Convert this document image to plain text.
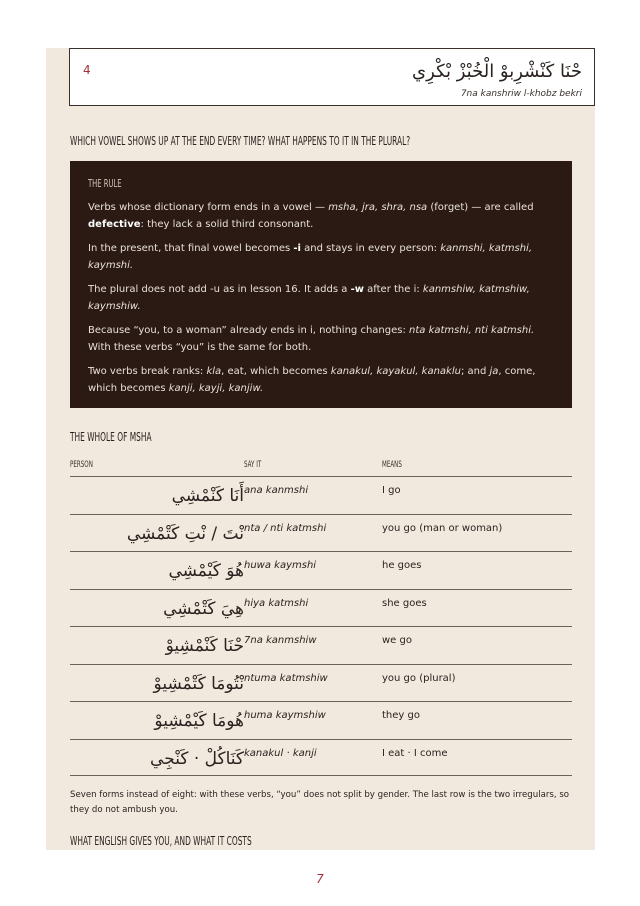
4	حْنَا كَنْشْرِبوْ الْخُبْزْ بْكْرِي
7na kanshriw l-khobz bekri
WHICH VOWEL SHOWS UP AT THE END EVERY TIME? WHAT HAPPENS TO IT IN THE PLURAL?
THE RULE

Verbs whose dictionary form ends in a vowel — msha, jra, shra, nsa (forget) — are called defective: they lack a solid third consonant.

In the present, that final vowel becomes -i and stays in every person: kanmshi, katmshi, kaymshi.

The plural does not add -u as in lesson 16. It adds a -w after the i: kanmshiw, katmshiw, kaymshiw.

Because “you, to a woman” already ends in i, nothing changes: nta katmshi, nti katmshi. With these verbs “you” is the same for both.

Two verbs break ranks: kla, eat, which becomes kanakul, kayakul, kanaklu; and ja, come, which becomes kanji, kayji, kanjiw.

THE WHOLE OF MSHA
PERSON	SAY IT	MEANS
أَنَا كَنْمْشِي ana kanmshi	I go
نْتَ / نْتِ كَتْمْشِي nta / nti katmshi	you go (man or woman)
هُوَ كَيْمْشِي huwa kaymshi	he goes
هِيَ كَتْمْشِي hiya katmshi	she goes
حْنَا كَنْمْشِيوْ 7na kanmshiw	we go
نْتُومَا كَتْمْشِيوْ ntuma katmshiw	you go (plural)
هُومَا كَيْمْشِيوْ huma kaymshiw	they go
كَنَاكُلْ · كَنْجِي kanakul · kanji	I eat · I come
Seven forms instead of eight: with these verbs, “you” does not split by gender. The last row is the two irregulars, so they do not ambush you.
WHAT ENGLISH GIVES YOU, AND WHAT IT COSTS
7
